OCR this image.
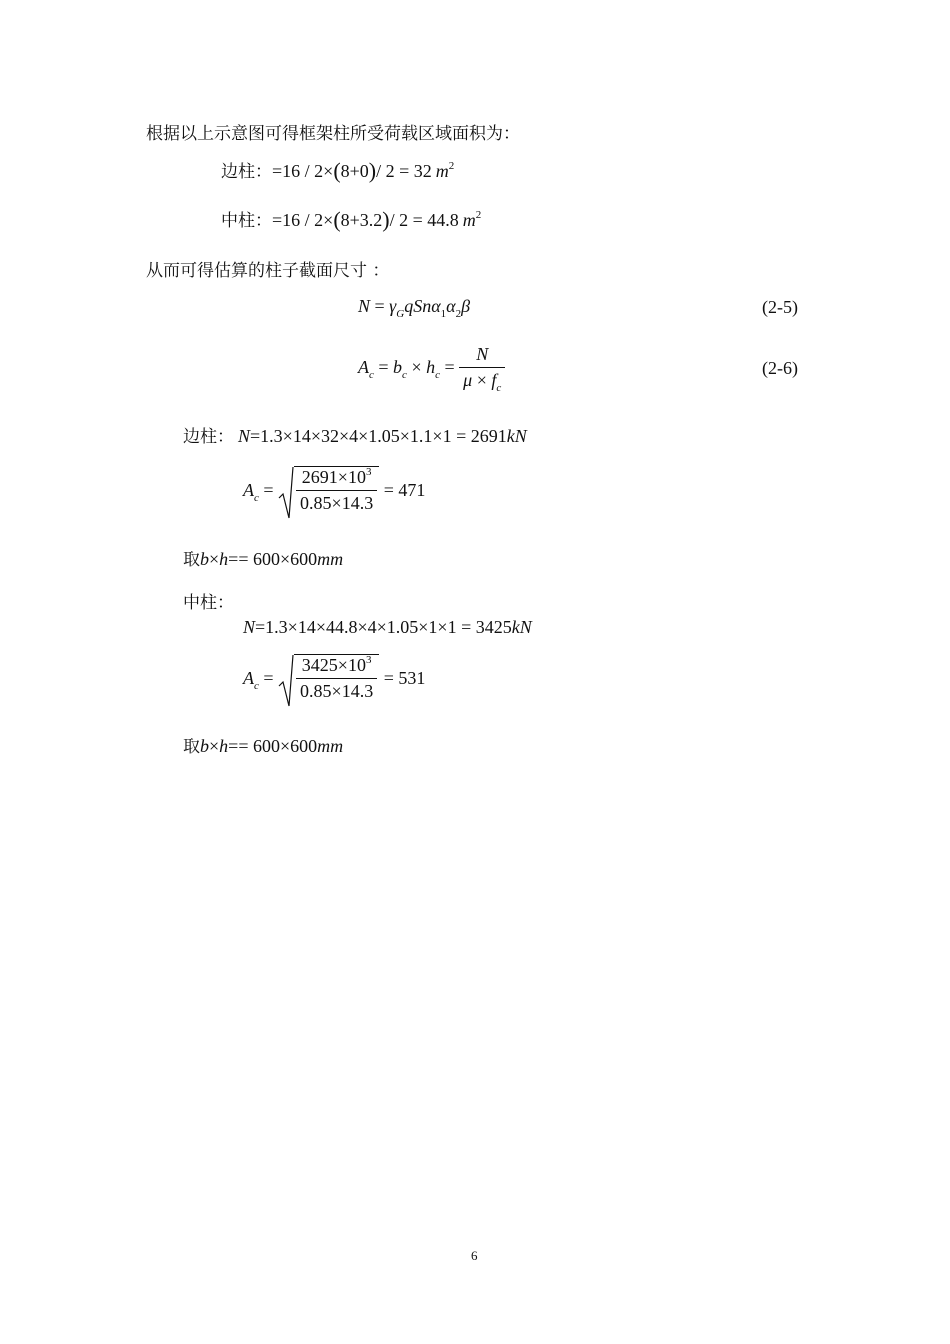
根据以上示意图可得框架柱所受荷载区域面积为：
边柱：=16 / 2×(8+0)/ 2 = 32 $m^2$
中柱：=16 / 2×(8+3.2)/ 2 = 44.8 $m^2$
从而可得估算的柱子截面尺寸 ：
$N = \gamma_GqSn\alpha_1\alpha_2\beta$	(2-5)
$A_c = b_c \times h_c = \frac{N}{\mu \times f_c}$	(2-6)
边柱： N=1.3×14×32×4×1.05×1.1×1 = 2691kN
$A_c = \frac{2691\times 10^3}{0.85\times 14.3} = 471$
取b×h== 600×600mm
中柱：
N=1.3×14×44.8×4×1.05×1×1 = 3425kN
$A_c = \frac{3425\times 10^3}{0.85\times 14.3} = 531$
取b×h== 600×600mm
6
